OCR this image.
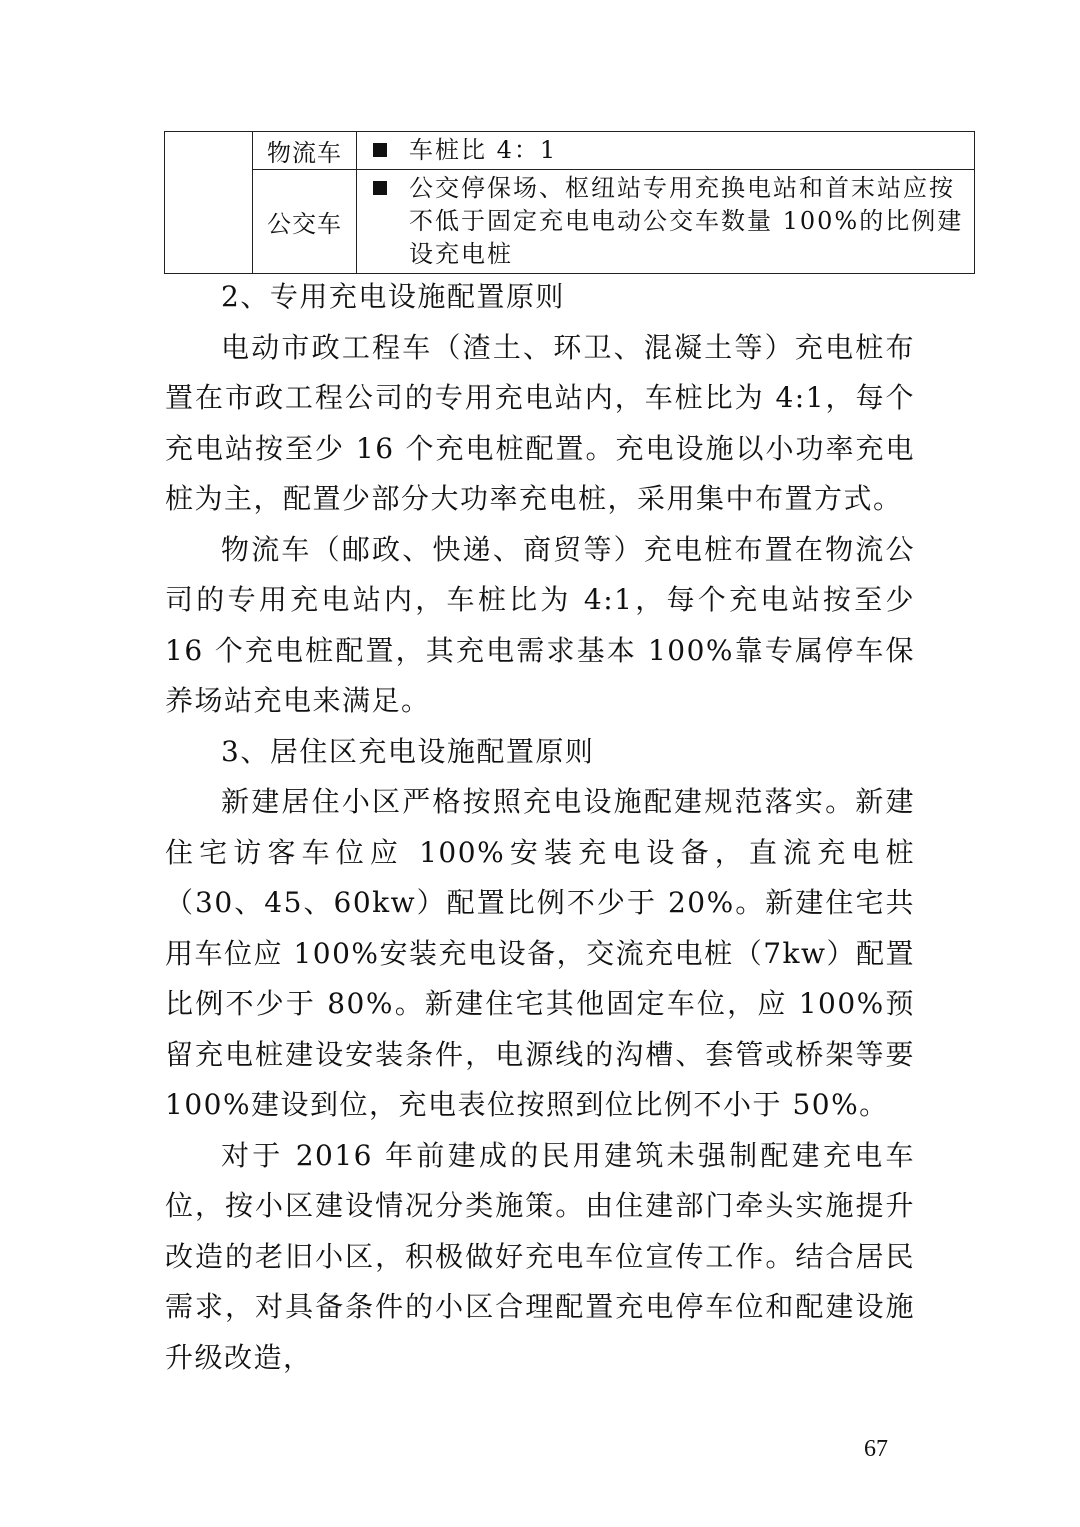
	物流车	车桩比 4：1

	公交车	公交停保场、枢纽站专用充换电站和首末站应按不低于固定充电电动公交车数量 100%的比例建设充电桩

2、专用充电设施配置原则

电动市政工程车（渣土、环卫、混凝土等）充电桩布置在市政工程公司的专用充电站内，车桩比为 4:1，每个充电站按至少 16 个充电桩配置。充电设施以小功率充电桩为主，配置少部分大功率充电桩，采用集中布置方式。

物流车（邮政、快递、商贸等）充电桩布置在物流公司的专用充电站内，车桩比为 4:1，每个充电站按至少 16 个充电桩配置，其充电需求基本 100%靠专属停车保养场站充电来满足。

3、居住区充电设施配置原则

新建居住小区严格按照充电设施配建规范落实。新建住宅访客车位应 100%安装充电设备，直流充电桩（30、45、60kw）配置比例不少于 20%。新建住宅共用车位应 100%安装充电设备，交流充电桩（7kw）配置比例不少于 80%。新建住宅其他固定车位，应 100%预留充电桩建设安装条件，电源线的沟槽、套管或桥架等要 100%建设到位，充电表位按照到位比例不小于 50%。

对于 2016 年前建成的民用建筑未强制配建充电车位，按小区建设情况分类施策。由住建部门牵头实施提升改造的老旧小区，积极做好充电车位宣传工作。结合居民需求，对具备条件的小区合理配置充电停车位和配建设施升级改造，

67
